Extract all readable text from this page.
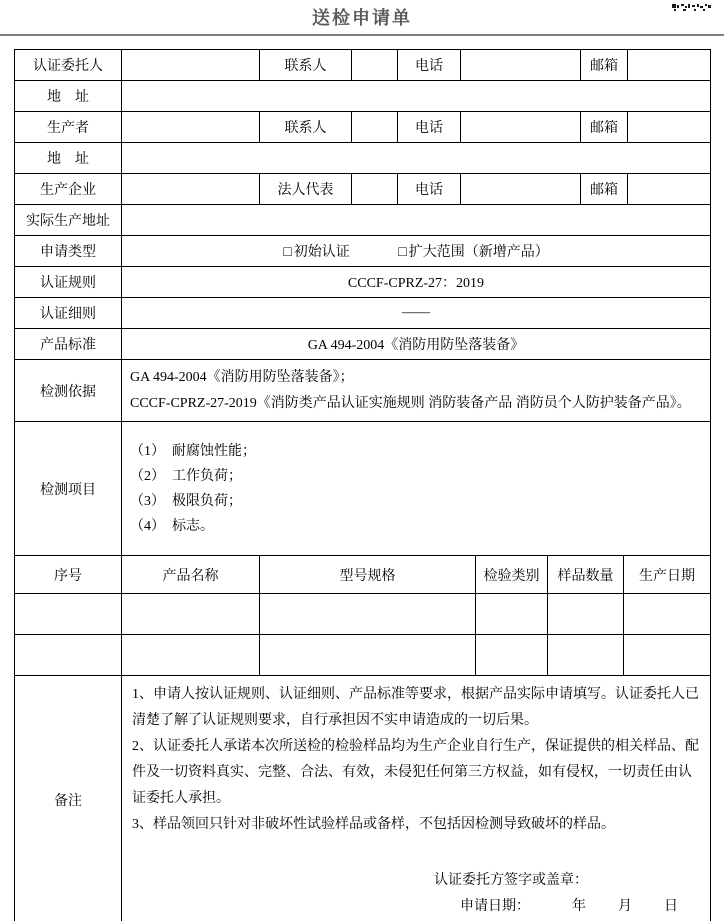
送检申请单
认证委托人		联系人		电话		邮箱	
地　址							
生产者		联系人		电话		邮箱	
地　址							
生产企业		法人代表		电话		邮箱	
实际生产地址							
申请类型	□ 初始认证 □ 扩大范围（新增产品）						
认证规则	CCCF-CPRZ-27：2019						
认证细则	——						
产品标准	GA 494-2004《消防用防坠落装备》						
检测依据	GA 494-2004《消防用防坠落装备》；
CCCF-CPRZ-27-2019《消防类产品认证实施规则 消防装备产品 消防员个人防护装备产品》。						

检测项目	（1）　耐腐蚀性能；
（2）　工作负荷；
（3）　极限负荷；
（4）　标志。						
序号	产品名称	型号规格	检验类别	样品数量	生产日期

备注	

1、申请人按认证规则、认证细则、产品标准等要求，根据产品实际申请填写。认证委托人已清楚了解了认证规则要求，自行承担因不实申请造成的一切后果。

2、认证委托人承诺本次所送检的检验样品均为生产企业自行生产，保证提供的相关样品、配件及一切资料真实、完整、合法、有效，未侵犯任何第三方权益，如有侵权，一切责任由认证委托人承担。

3、样品领回只针对非破坏性试验样品或备样，不包括因检测导致破坏的样品。

认证委托方签字或盖章：
申请日期：	年 月 日
